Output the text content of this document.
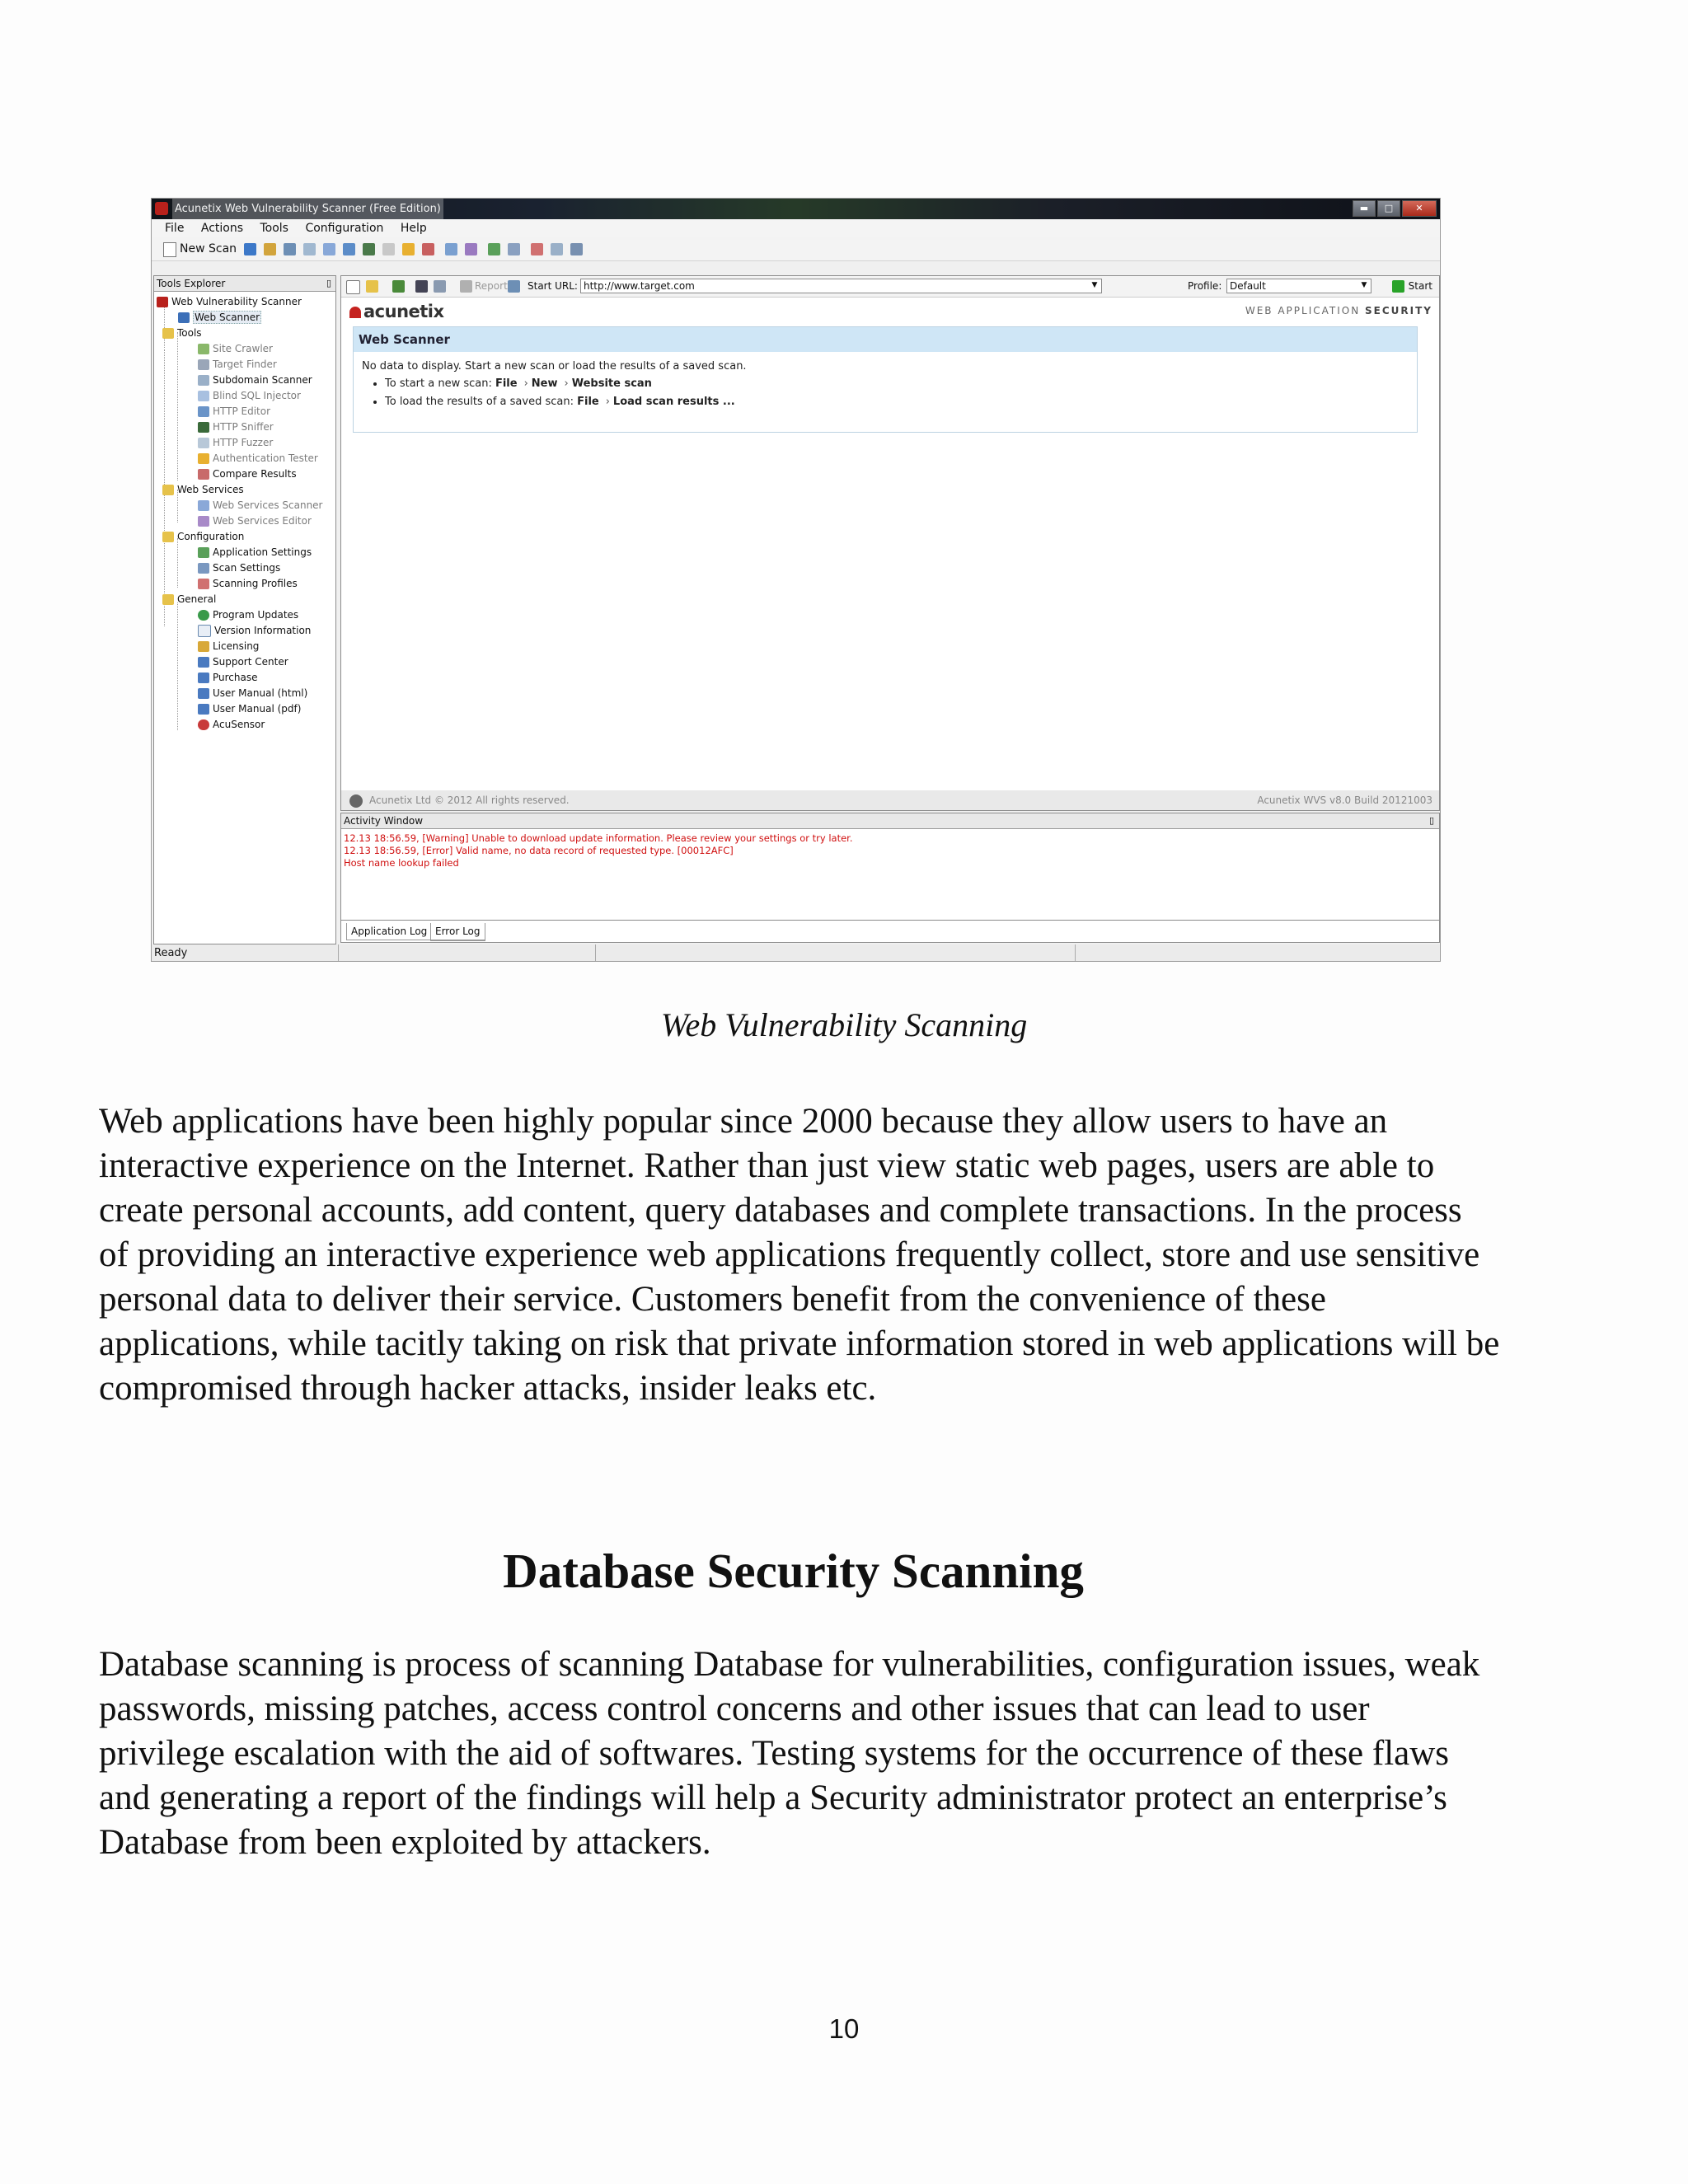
Acunetix Web Vulnerability Scanner (Free Edition)	▬	□	✕
File Actions Tools Configuration Help
New Scan
Tools Explorer	▯
Web Vulnerability Scanner
Web Scanner
Tools
Site Crawler
Target Finder
Subdomain Scanner
Blind SQL Injector
HTTP Editor
HTTP Sniffer
HTTP Fuzzer
Authentication Tester
Compare Results
Web Services
Web Services Scanner
Web Services Editor
Configuration
Application Settings
Scan Settings
Scanning Profiles
General
Program Updates
Version Information
Licensing
Support Center
Purchase
User Manual (html)
User Manual (pdf)
AcuSensor
Report Start URL: http://www.target.com	▼	Profile: Default	▼	Start
acunetix	WEB APPLICATION SECURITY
Web Scanner
No data to display. Start a new scan or load the results of a saved scan.
• To start a new scan: File › New › Website scan
• To load the results of a saved scan: File › Load scan results ...
Acunetix Ltd © 2012 All rights reserved.	Acunetix WVS v8.0 Build 20121003
Activity Window	▯
12.13 18:56.59, [Warning] Unable to download update information. Please review your settings or try later.
12.13 18:56.59, [Error] Valid name, no data record of requested type. [00012AFC]
Host name lookup failed
Application Log Error Log
Ready
Web Vulnerability Scanning
Web applications have been highly popular since 2000 because they allow users to have an interactive experience on the Internet. Rather than just view static web pages, users are able to create personal accounts, add content, query databases and complete transactions. In the process of providing an interactive experience web applications frequently collect, store and use sensitive personal data to deliver their service. Customers benefit from the convenience of these applications, while tacitly taking on risk that private information stored in web applications will be compromised through hacker attacks, insider leaks etc.
Database Security Scanning
Database scanning is process of scanning Database for vulnerabilities, configuration issues, weak passwords, missing patches, access control concerns and other issues that can lead to user privilege escalation with the aid of softwares. Testing systems for the occurrence of these flaws and generating a report of the findings will help a Security administrator protect an enterprise’s Database from been exploited by attackers.
10
